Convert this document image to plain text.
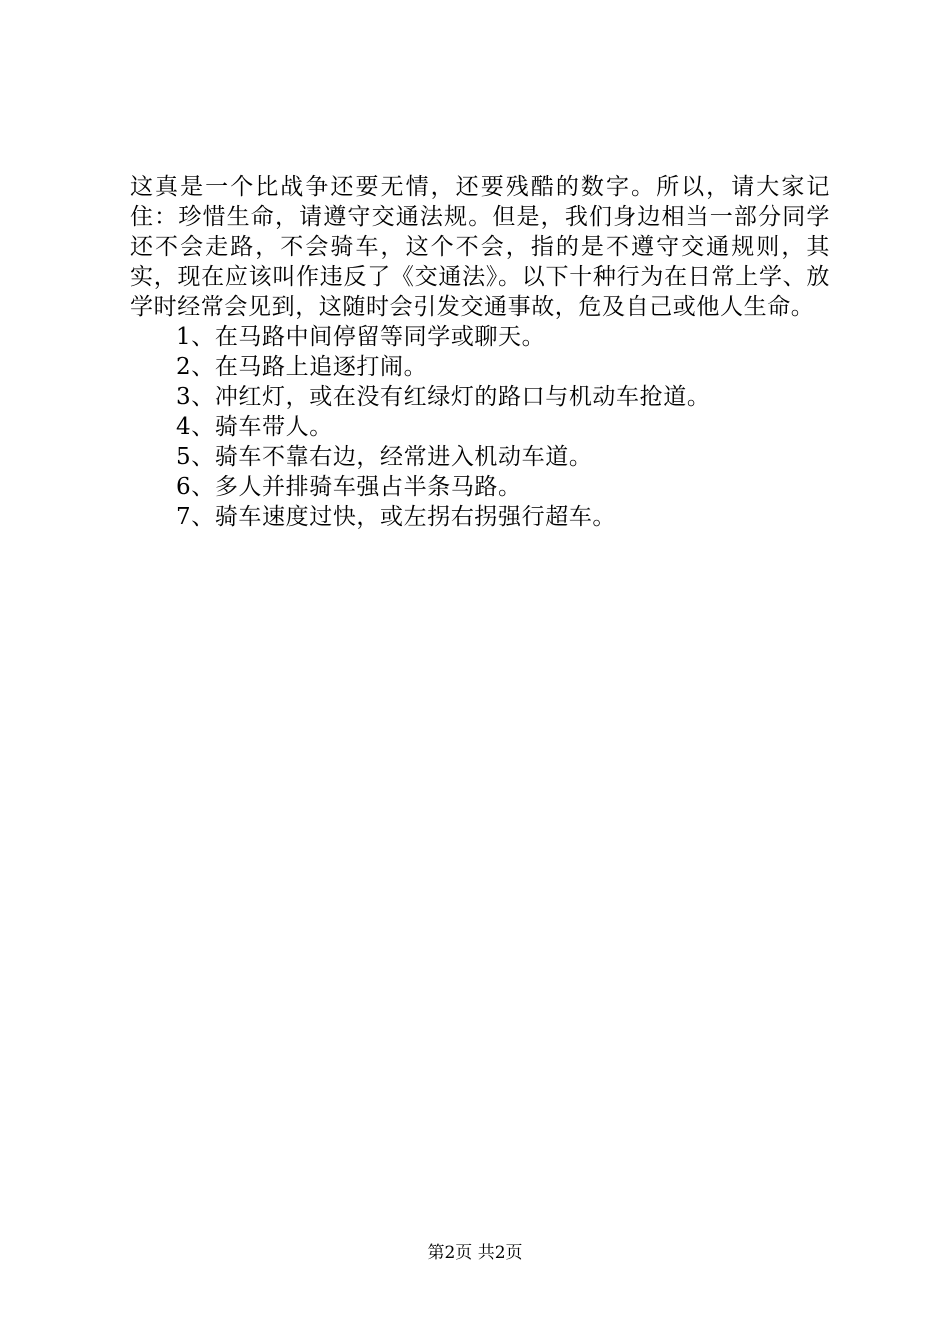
这真是一个比战争还要无情，还要残酷的数字。所以，请大家记住：珍惜生命，请遵守交通法规。但是，我们身边相当一部分同学还不会走路，不会骑车，这个不会，指的是不遵守交通规则，其实，现在应该叫作违反了《交通法》。以下十种行为在日常上学、放学时经常会见到，这随时会引发交通事故，危及自己或他人生命。

1、在马路中间停留等同学或聊天。
2、在马路上追逐打闹。
3、冲红灯，或在没有红绿灯的路口与机动车抢道。
4、骑车带人。
5、骑车不靠右边，经常进入机动车道。
6、多人并排骑车强占半条马路。
7、骑车速度过快，或左拐右拐强行超车。
第2页 共2页
